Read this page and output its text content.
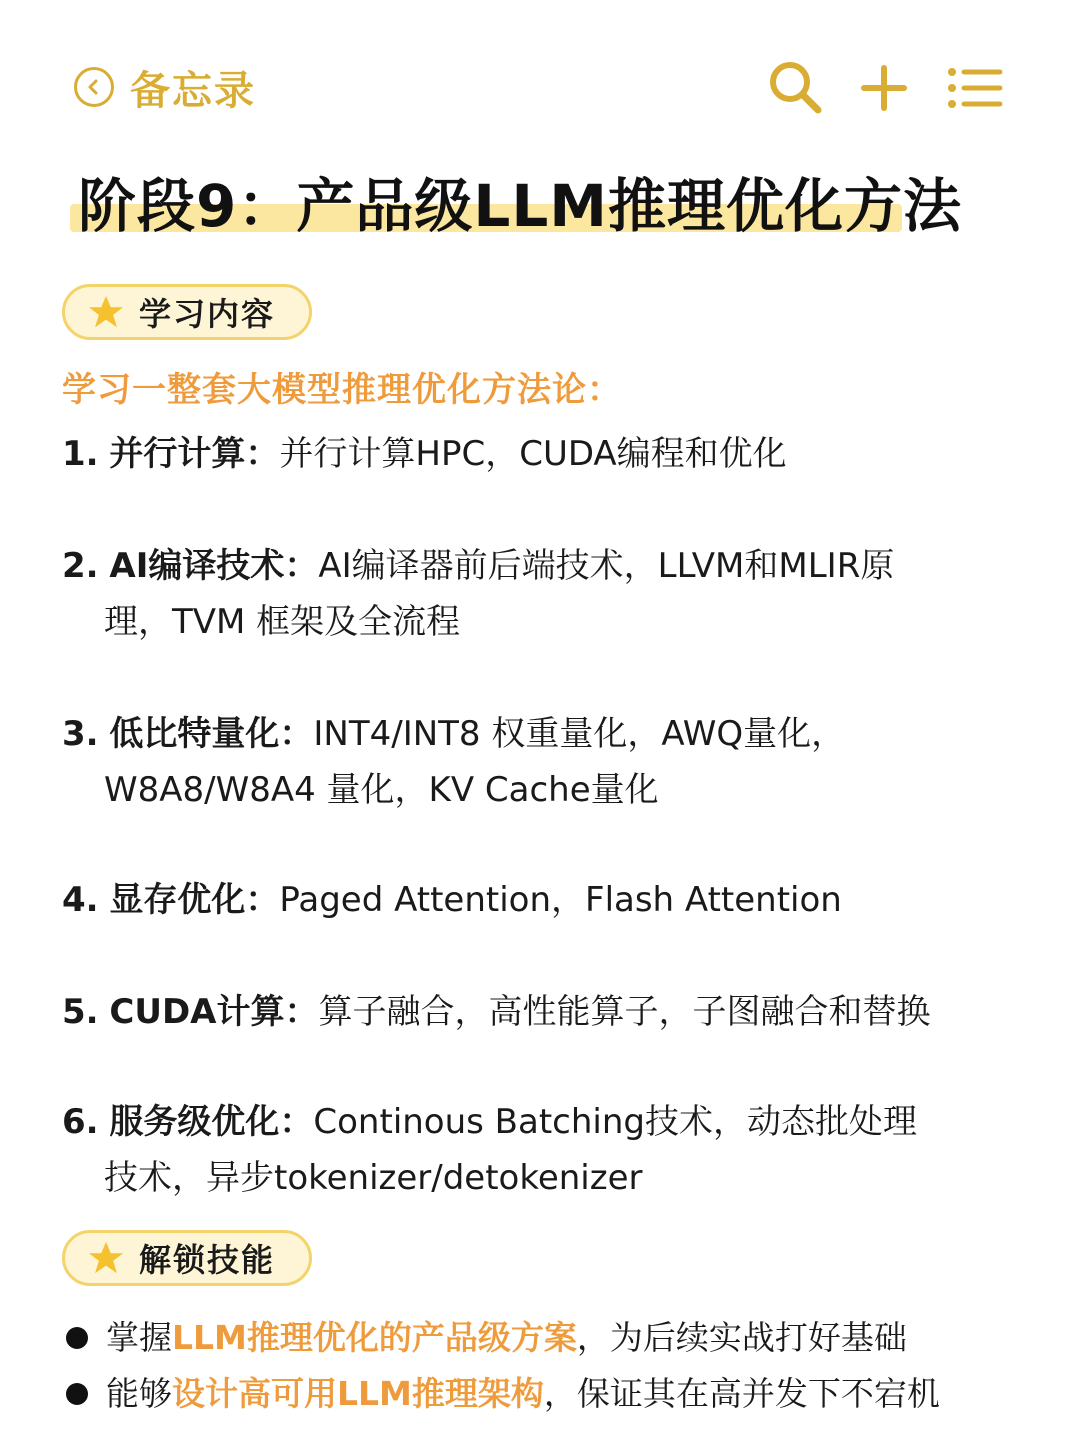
备忘录
阶段9：产品级LLM推理优化方法
学习内容
学习一整套大模型推理优化方法论：
1. 并行计算：并行计算HPC，CUDA编程和优化
2. AI编译技术：AI编译器前后端技术，LLVM和MLIR原
理，TVM 框架及全流程
3. 低比特量化：INT4/INT8 权重量化，AWQ量化，
W8A8/W8A4 量化，KV Cache量化
4. 显存优化：Paged Attention，Flash Attention
5. CUDA计算：算子融合，高性能算子，子图融合和替换
6. 服务级优化：Continous Batching技术，动态批处理
技术，异步tokenizer/detokenizer
解锁技能
掌握 LLM推理优化的产品级方案 ，为后续实战打好基础
能够 设计高可用LLM推理架构 ，保证其在高并发下不宕机
